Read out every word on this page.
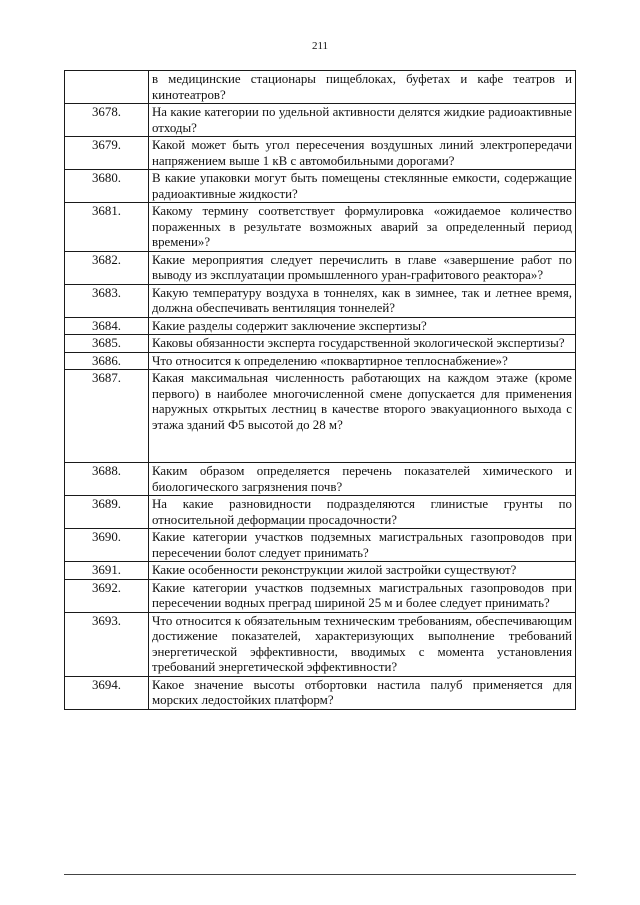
211
	в медицинские стационары пищеблоках, буфетах и кафе театров и кинотеатров?
3678.	На какие категории по удельной активности делятся жидкие радиоактивные отходы?
3679.	Какой может быть угол пересечения воздушных линий электропередачи напряжением выше 1 кВ с автомобильными дорогами?
3680.	В какие упаковки могут быть помещены стеклянные емкости, содержащие радиоактивные жидкости?
3681.	Какому термину соответствует формулировка «ожидаемое количество пораженных в результате возможных аварий за определенный период времени»?
3682.	Какие мероприятия следует перечислить в главе «завершение работ по выводу из эксплуатации промышленного уран-графитового реактора»?
3683.	Какую температуру воздуха в тоннелях, как в зимнее, так и летнее время, должна обеспечивать вентиляция тоннелей?
3684.	Какие разделы содержит заключение экспертизы?
3685.	Каковы обязанности эксперта государственной экологической экспертизы?
3686.	Что относится к определению «поквартирное теплоснабжение»?
3687.	Какая максимальная численность работающих на каждом этаже (кроме первого) в наиболее многочисленной смене допускается для применения наружных открытых лестниц в качестве второго эвакуационного выхода с этажа зданий Ф5 высотой до 28 м?
3688.	Каким образом определяется перечень показателей химического и биологического загрязнения почв?
3689.	На какие разновидности подразделяются глинистые грунты по относительной деформации просадочности?
3690.	Какие категории участков подземных магистральных газопроводов при пересечении болот следует принимать?
3691.	Какие особенности реконструкции жилой застройки существуют?
3692.	Какие категории участков подземных магистральных газопроводов при пересечении водных преград шириной 25 м и более следует принимать?
3693.	Что относится к обязательным техническим требованиям, обеспечивающим достижение показателей, характеризующих выполнение требований энергетической эффективности, вводимых с момента установления требований энергетической эффективности?
3694.	Какое значение высоты отбортовки настила палуб применяется для морских ледостойких платформ?
